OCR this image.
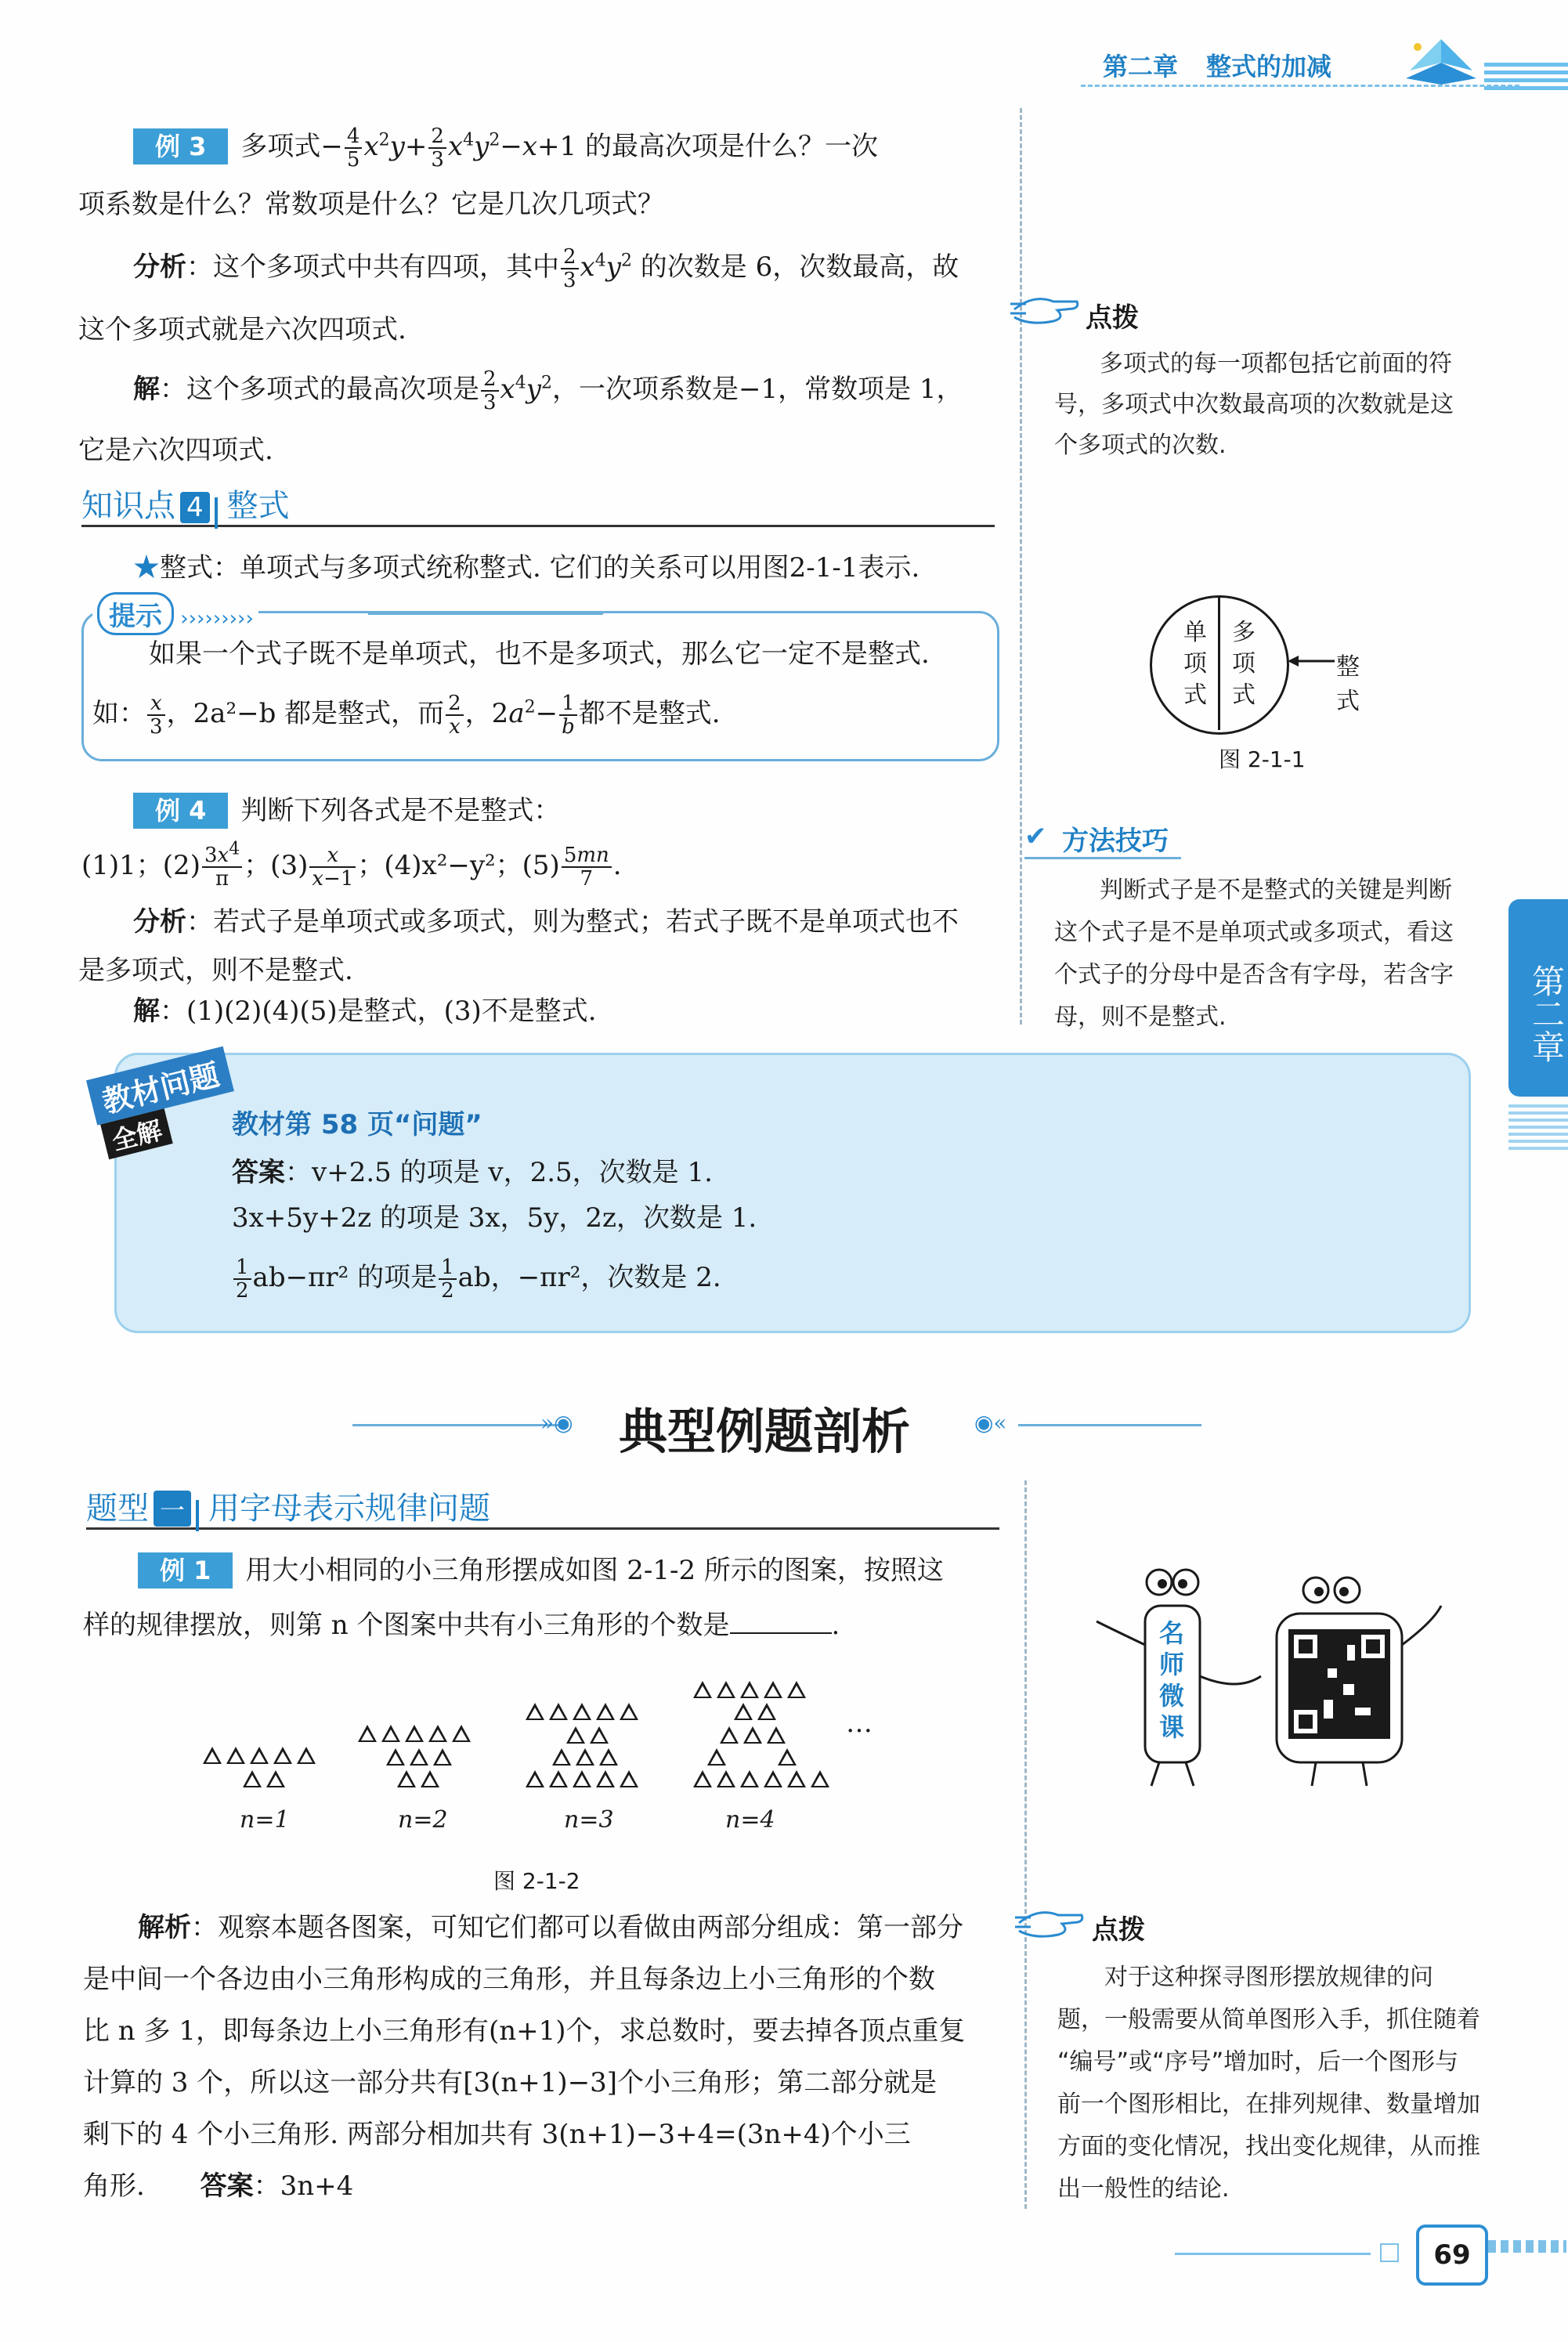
第二章 整式的加减
第二章
例 3 多项式− $\frac{4}{5} x^2y+ \frac{2}{3} x^4y^2-x+1$ 的最高次项是什么？一次
项系数是什么？常数项是什么？它是几次几项式？
分析：这个多项式中共有四项，其中 $\frac{2}{3} x^4y^2$ 的次数是 6，次数最高，故
这个多项式就是六次四项式.
解：这个多项式的最高次项是 $\frac{2}{3} x^4y^2$，一次项系数是−1，常数项是 1，
它是六次四项式.
知识点 4 整式
★整式：单项式与多项式统称整式. 它们的关系可以用图2-1-1表示.
提示 ›››››››››
如果一个式子既不是单项式，也不是多项式，那么它一定不是整式.
如： $\frac{x}{3}$ ，2a²−b 都是整式，而 $\frac{2}{x}$ ，$2a^2- \frac{1}{b}$ 都不是整式.
例 4 判断下列各式是不是整式：
(1)1；$(2) \frac{3x^4}{\pi}$ ；$(3) \frac{x}{x-1}$ ；(4)x²−y²；$(5) \frac{5mn}{7}$ .
分析：若式子是单项式或多项式，则为整式；若式子既不是单项式也不
是多项式，则不是整式.
解：(1)(2)(4)(5)是整式，(3)不是整式.
教材问题
全解	教材第 58 页“问题”
答案：v+2.5 的项是 v，2.5，次数是 1.
3x+5y+2z 的项是 3x，5y，2z，次数是 1.
$\frac{1}{2} ab-\pi r^2$ 的项是 $\frac{1}{2}$ ab，−πr²，次数是 2.
»◉ 典型例题剖析	◉«
题型 一 用字母表示规律问题
例 1 用大小相同的小三角形摆成如图 2-1-2 所示的图案，按照这
样的规律摆放，则第 n 个图案中共有小三角形的个数是	.
…
n=1	n=2	n=3	n=4
图 2-1-2
解析：观察本题各图案，可知它们都可以看做由两部分组成：第一部分
是中间一个各边由小三角形构成的三角形，并且每条边上小三角形的个数
比 n 多 1，即每条边上小三角形有(n+1)个，求总数时，要去掉各顶点重复
计算的 3 个，所以这一部分共有[3(n+1)−3]个小三角形；第二部分就是
剩下的 4 个小三角形. 两部分相加共有 3(n+1)−3+4=(3n+4)个小三
角形. 答案：3n+4
点拨
多项式的每一项都包括它前面的符
号，多项式中次数最高项的次数就是这
个多项式的次数.
单
项
式
多
项
式
整式
图 2-1-1
✔ 方法技巧
判断式子是不是整式的关键是判断
这个式子是不是单项式或多项式，看这
个式子的分母中是否含有字母，若含字
母，则不是整式.
名师微课
点拨
对于这种探寻图形摆放规律的问
题，一般需要从简单图形入手，抓住随着
“编号”或“序号”增加时，后一个图形与
前一个图形相比，在排列规律、数量增加
方面的变化情况，找出变化规律，从而推
出一般性的结论.
69
